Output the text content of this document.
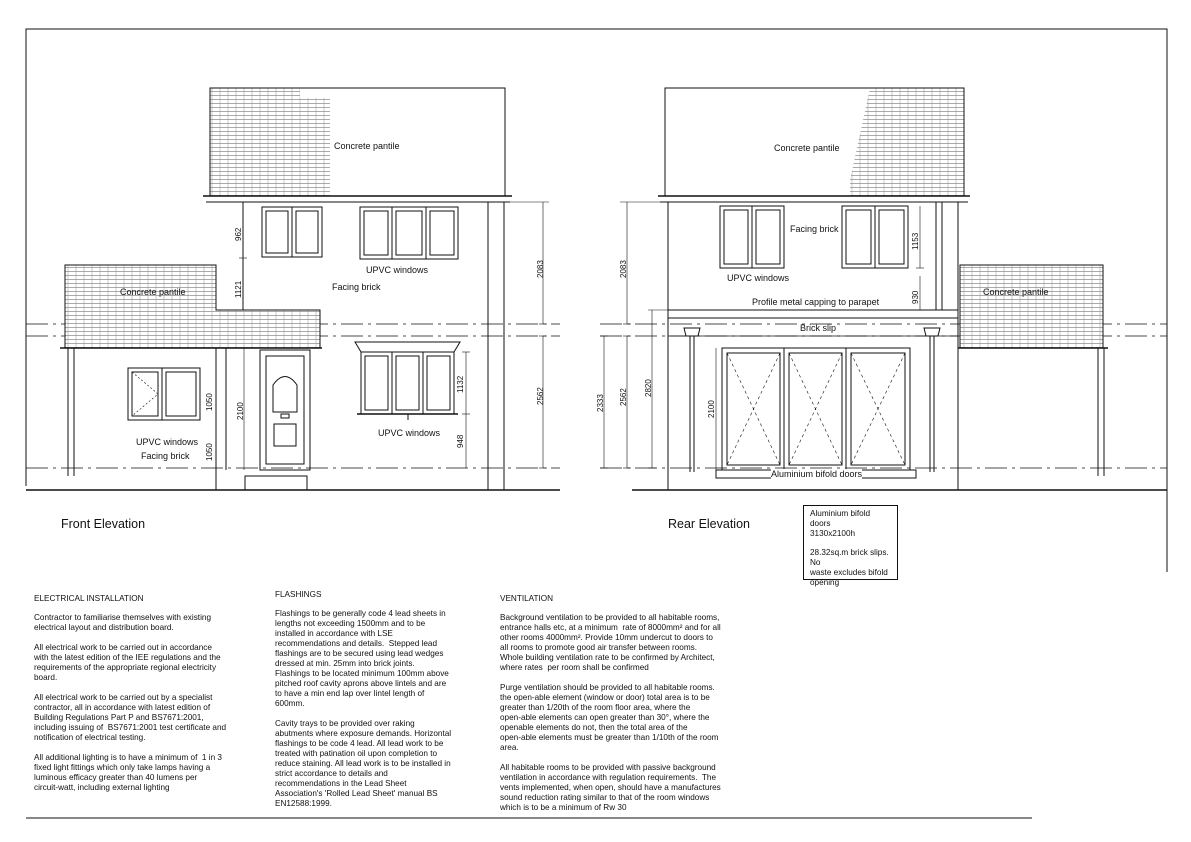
Concrete pantile
Concrete pantile
UPVC windows
Facing brick
UPVC windows
UPVC windows
Facing brick
Front Elevation
962
1121
2083
2100
2562
1050
1050
1132
948
Concrete pantile
Concrete pantile
Facing brick
UPVC windows
Profile metal capping to parapet
Brick slip
Aluminium bifold doors
Rear Elevation
2083
1153
930
2333 2562
2820
2100

Aluminium bifold doors
3130x2100h

28.32sq.m brick slips.  No
waste excludes bifold
opening

ELECTRICAL INSTALLATION

Contractor to familiarise themselves with existing
electrical layout and distribution board.

All electrical work to be carried out in accordance
with the latest edition of the IEE regulations and the
requirements of the appropriate regional electricity
board.

All electrical work to be carried out by a specialist
contractor, all in accordance with latest edition of
Building Regulations Part P and BS7671:2001,
including issuing of  BS7671:2001 test certificate and
notification of electrical testing.

All additional lighting is to have a minimum of  1 in 3
fixed light fittings which only take lamps having a
luminous efficacy greater than 40 lumens per
circuit-watt, including external lighting

FLASHINGS

Flashings to be generally code 4 lead sheets in
lengths not exceeding 1500mm and to be
installed in accordance with LSE
recommendations and details.  Stepped lead
flashings are to be secured using lead wedges
dressed at min. 25mm into brick joints.
Flashings to be located minimum 100mm above
pitched roof cavity aprons above lintels and are
to have a min end lap over lintel length of
600mm.

Cavity trays to be provided over raking
abutments where exposure demands. Horizontal
flashings to be code 4 lead. All lead work to be
treated with patination oil upon completion to
reduce staining. All lead work is to be installed in
strict accordance to details and
recommendations in the Lead Sheet
Association's 'Rolled Lead Sheet' manual BS
EN12588:1999.

VENTILATION

Background ventilation to be provided to all habitable rooms,
entrance halls etc, at a minimum  rate of 8000mm² and for all
other rooms 4000mm². Provide 10mm undercut to doors to
all rooms to promote good air transfer between rooms.
Whole building ventilation rate to be confirmed by Architect,
where rates  per room shall be confirmed

Purge ventilation should be provided to all habitable rooms.
the open-able element (window or door) total area is to be
greater than 1/20th of the room floor area, where the
open-able elements can open greater than 30°, where the
openable elements do not, then the total area of the
open-able elements must be greater than 1/10th of the room
area.

All habitable rooms to be provided with passive background
ventilation in accordance with regulation requirements.  The
vents implemented, when open, should have a manufactures
sound reduction rating similar to that of the room windows
which is to be a minimum of Rw 30
